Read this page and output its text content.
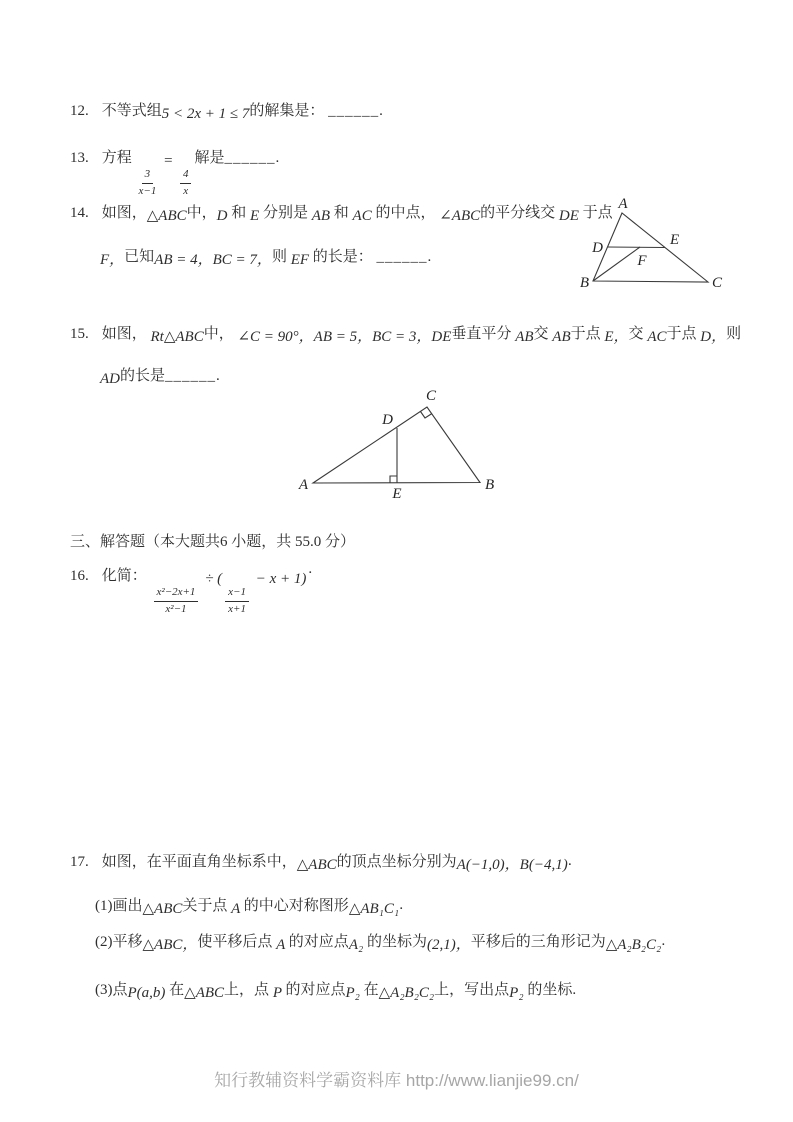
12. 不等式组5 < 2x + 1 ≤ 7的解集是： ______.
13. 方程
$\frac{3}{x-1}$
=
$\frac{4}{x}$
解是______.
14. 如图，△ABC中，D 和 E 分别是 AB 和 AC 的中点， ∠ABC的平分线交 DE 于点
F，已知AB = 4，BC = 7，则 EF 的长是： ______.
A
B	C
D	E
F
15. 如图， Rt△ABC中， ∠C = 90°，AB = 5，BC = 3，DE垂直平分 AB交 AB于点 E，交 AC于点 D，则
AD的长是______.
A	B
C
D
E
三、解答题（本大题共6 小题，共 55.0 分）
16. 化简：
$\frac{\text{x²−2x+1}}{\text{x²−1}}$
÷ (
$\frac{x-1}{x+1}$
− x + 1).
17. 如图，在平面直角坐标系中，△ABC的顶点坐标分别为A(−1,0)，B(−4,1)·
(1)画出△ABC关于点 A 的中心对称图形△AB₁C₁·
(2)平移△ABC，使平移后点 A 的对应点A₂ 的坐标为(2,1)，平移后的三角形记为△A₂B₂C₂·
(3)点P(a,b) 在△ABC上，点 P 的对应点P₂ 在△A₂B₂C₂上，写出点P₂ 的坐标.
知行教辅资料学霸资料库 http://www.lianjie99.cn/
